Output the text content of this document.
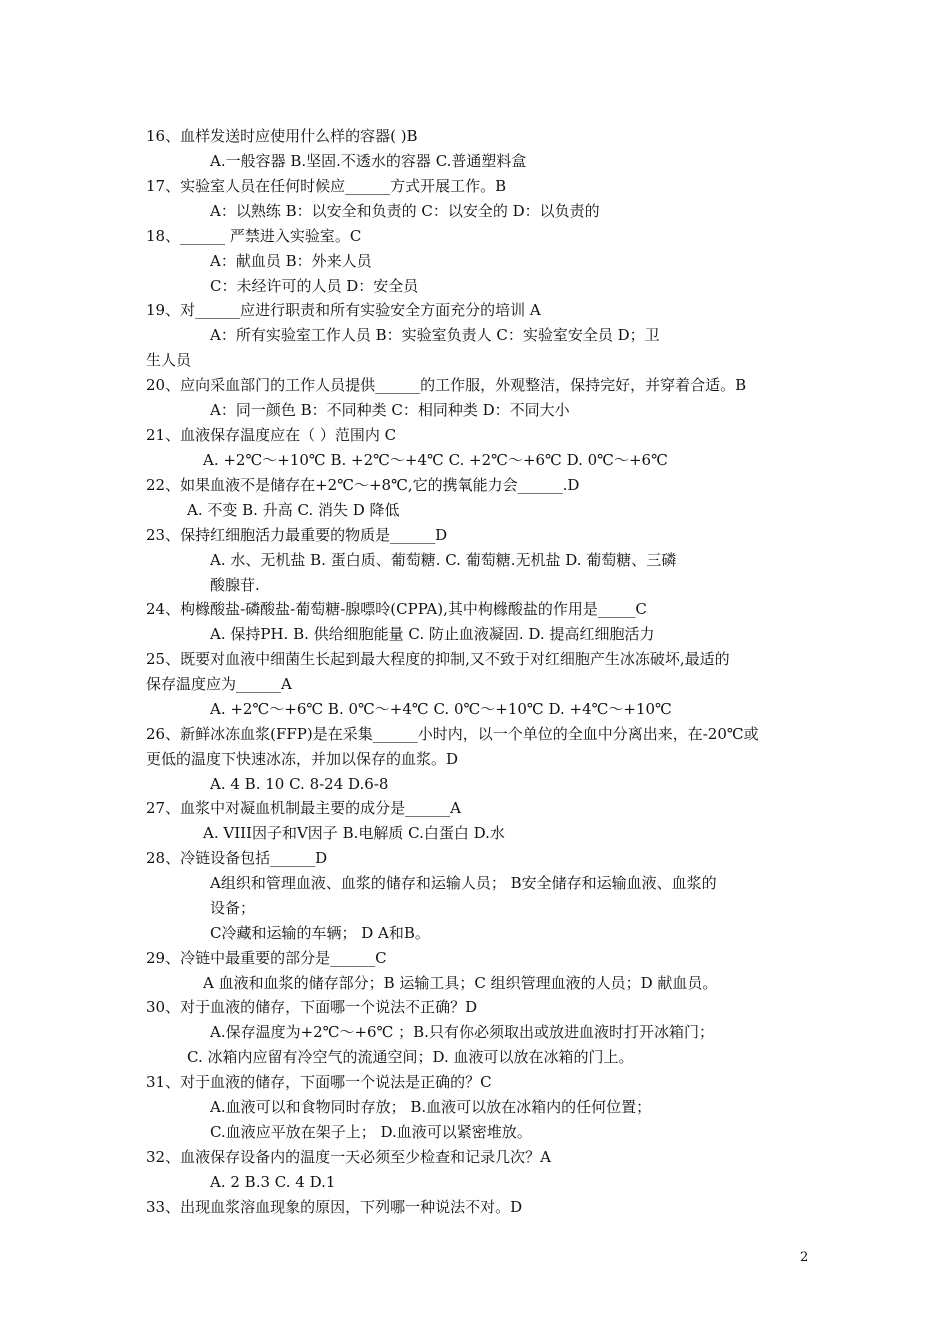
16、血样发送时应使用什么样的容器( )B
A.一般容器 B.坚固.不透水的容器 C.普通塑料盒
17、实验室人员在任何时候应______方式开展工作。B
A：以熟练 B：以安全和负责的 C：以安全的 D：以负责的
18、______ 严禁进入实验室。C
A：献血员 B：外来人员
C：未经许可的人员 D：安全员
19、对______应进行职责和所有实验安全方面充分的培训 A
A：所有实验室工作人员 B：实验室负责人 C：实验室安全员 D；卫
生人员
20、应向采血部门的工作人员提供______的工作服，外观整洁，保持完好，并穿着合适。B
A：同一颜色 B：不同种类 C：相同种类 D：不同大小
21、血液保存温度应在（ ）范围内 C
A. +2℃～+10℃ B. +2℃～+4℃ C. +2℃～+6℃ D. 0℃～+6℃
22、如果血液不是储存在+2℃～+8℃,它的携氧能力会______.D
A. 不变 B. 升高 C. 消失 D 降低
23、保持红细胞活力最重要的物质是______D
A. 水、无机盐 B. 蛋白质、葡萄糖. C. 葡萄糖.无机盐 D. 葡萄糖、三磷
酸腺苷.
24、枸橼酸盐-磷酸盐-葡萄糖-腺嘌呤(CPPA),其中枸橼酸盐的作用是_____C
A. 保持PH. B. 供给细胞能量 C. 防止血液凝固. D. 提高红细胞活力
25、既要对血液中细菌生长起到最大程度的抑制,又不致于对红细胞产生冰冻破坏,最适的
保存温度应为______A
A. +2℃～+6℃ B. 0℃～+4℃ C. 0℃～+10℃ D. +4℃～+10℃
26、新鲜冰冻血浆(FFP)是在采集______小时内，以一个单位的全血中分离出来，在-20℃或
更低的温度下快速冰冻，并加以保存的血浆。D
A. 4 B. 10 C. 8-24 D.6-8
27、血浆中对凝血机制最主要的成分是______A
A. VIII因子和V因子 B.电解质 C.白蛋白 D.水
28、冷链设备包括______D
A组织和管理血液、血浆的储存和运输人员； B安全储存和运输血液、血浆的
设备；
C冷藏和运输的车辆； D A和B。
29、冷链中最重要的部分是______C
A 血液和血浆的储存部分；B 运输工具；C 组织管理血液的人员；D 献血员。
30、对于血液的储存，下面哪一个说法不正确？D
A.保存温度为+2℃～+6℃ ；B.只有你必须取出或放进血液时打开冰箱门；
C. 冰箱内应留有冷空气的流通空间；D. 血液可以放在冰箱的门上。
31、对于血液的储存，下面哪一个说法是正确的？C
A.血液可以和食物同时存放； B.血液可以放在冰箱内的任何位置；
C.血液应平放在架子上； D.血液可以紧密堆放。
32、血液保存设备内的温度一天必须至少检查和记录几次？A
A. 2 B.3 C. 4 D.1
33、出现血浆溶血现象的原因，下列哪一种说法不对。D
2
